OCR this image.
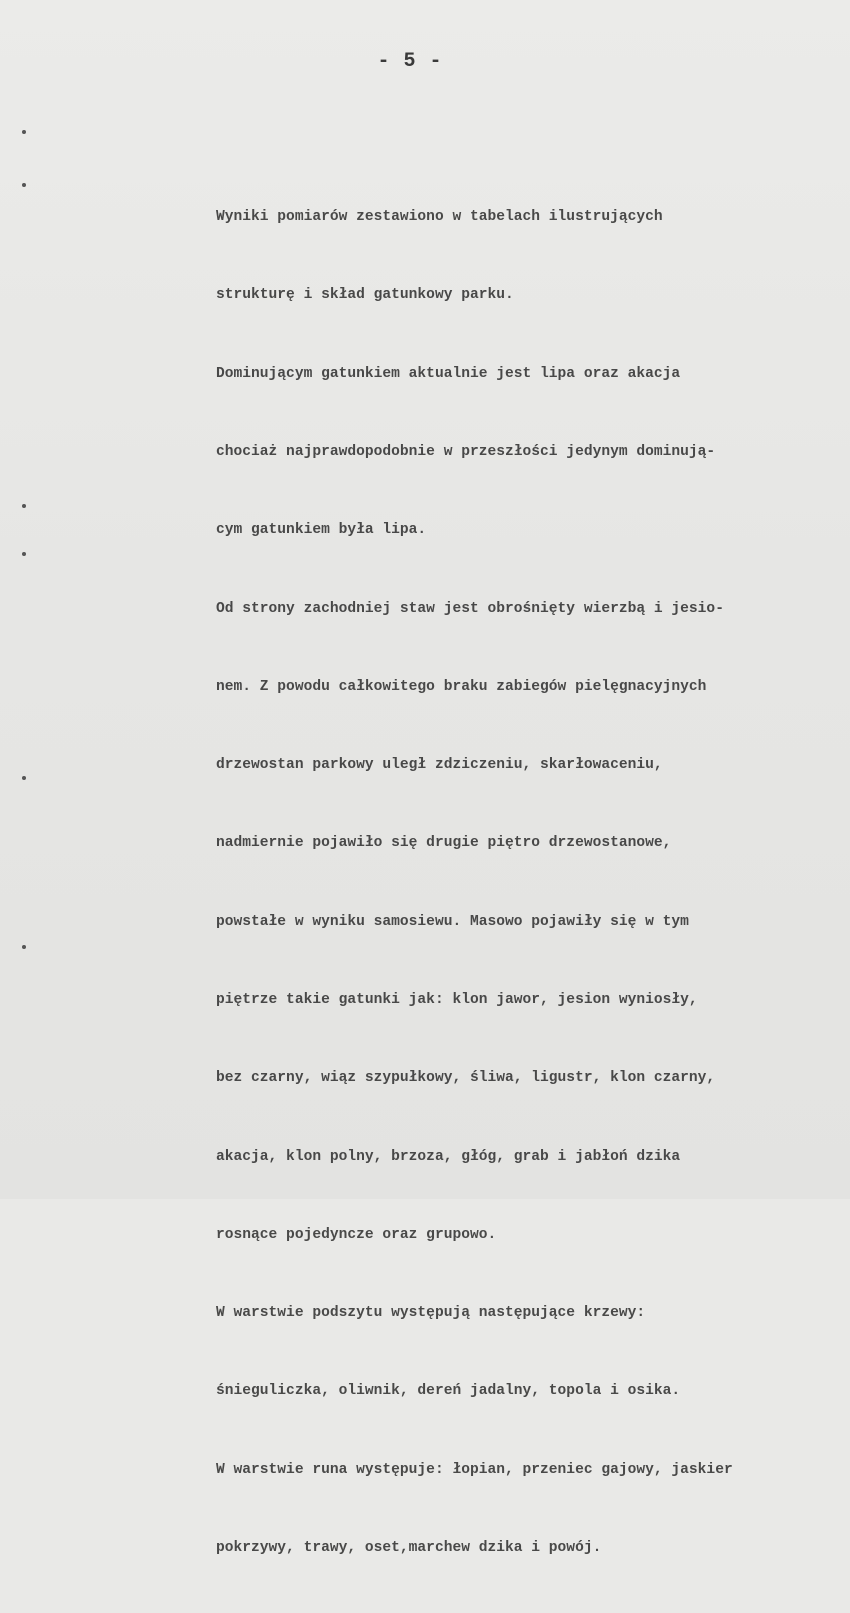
- 5 -

Wyniki pomiarów zestawiono w tabelach ilustrujących

strukturę i skład gatunkowy parku.

Dominującym gatunkiem aktualnie jest lipa oraz akacja

chociaż najprawdopodobnie w przeszłości jedynym dominują-

cym gatunkiem była lipa.

Od strony zachodniej staw jest obrośnięty wierzbą i jesio-

nem. Z powodu całkowitego braku zabiegów pielęgnacyjnych

drzewostan parkowy uległ zdziczeniu, skarłowaceniu,

nadmiernie pojawiło się drugie piętro drzewostanowe,

powstałe w wyniku samosiewu. Masowo pojawiły się w tym

piętrze takie gatunki jak: klon jawor, jesion wyniosły,

bez czarny, wiąz szypułkowy, śliwa, ligustr, klon czarny,

akacja, klon polny, brzoza, głóg, grab i jabłoń dzika

rosnące pojedyncze oraz grupowo.

W warstwie podszytu występują następujące krzewy:

śnieguliczka, oliwnik, dereń jadalny, topola i osika.

W warstwie runa występuje: łopian, przeniec gajowy, jaskier

pokrzywy, trawy, oset,marchew dzika i powój.
